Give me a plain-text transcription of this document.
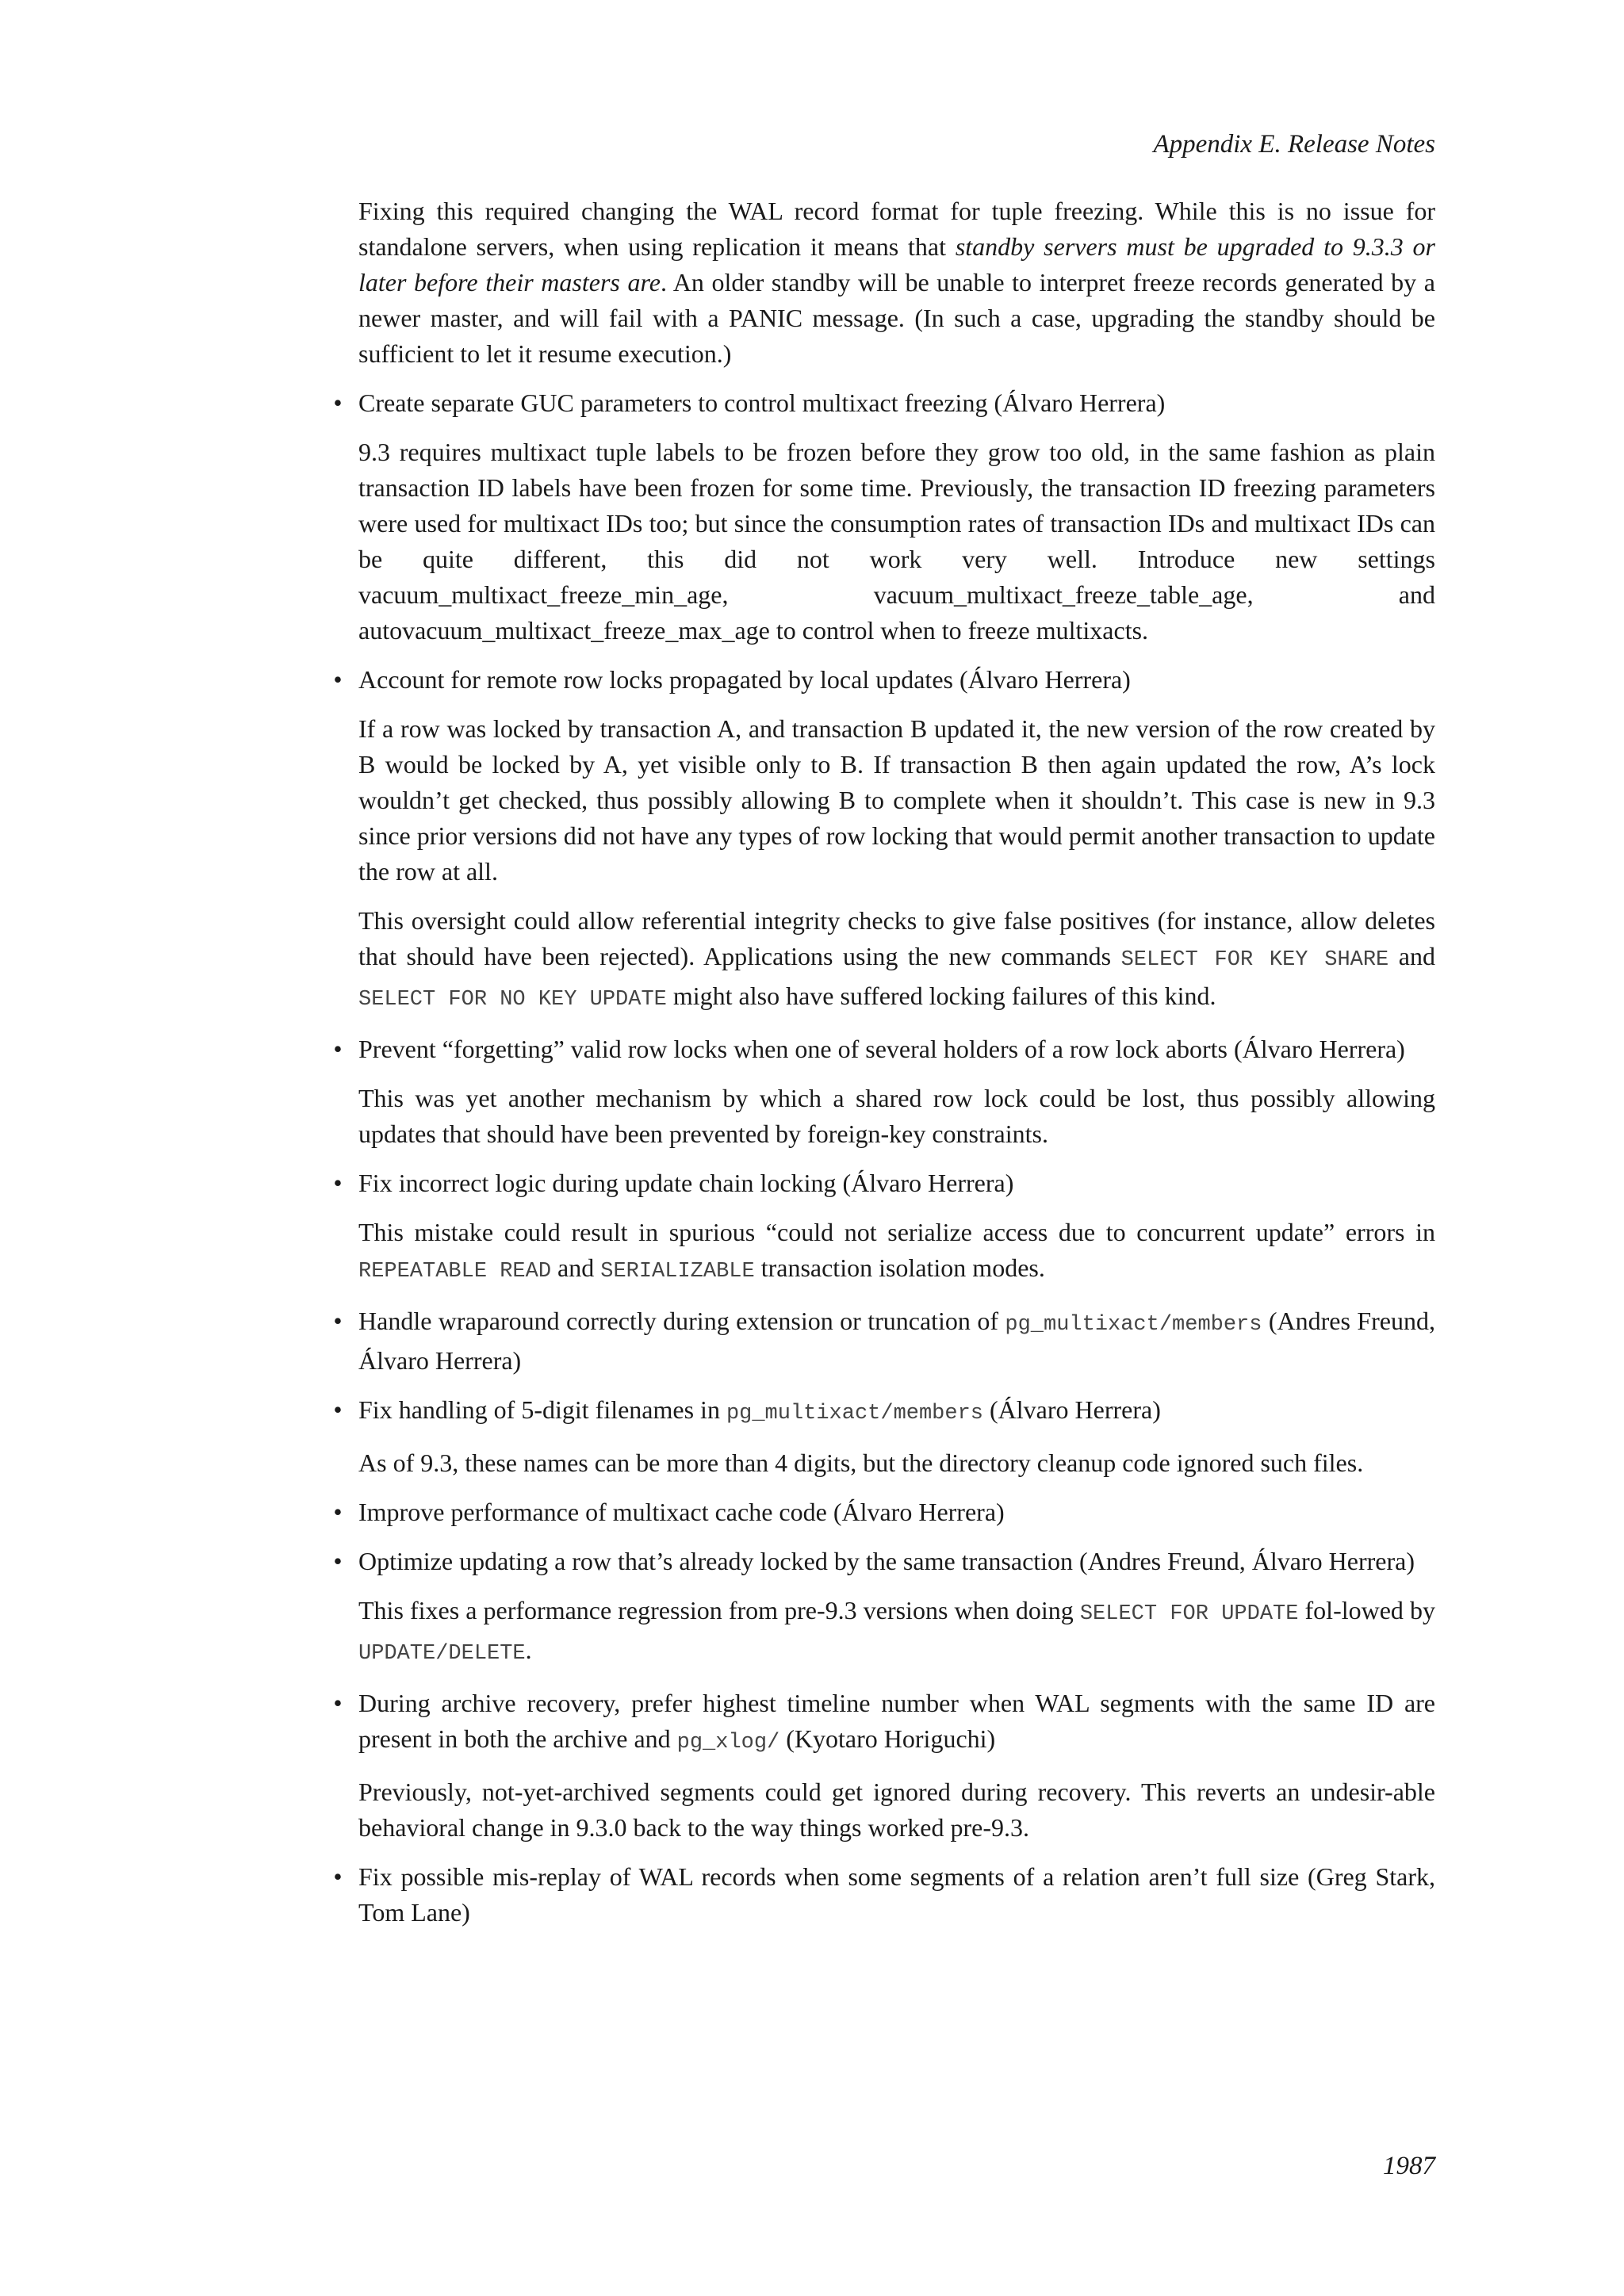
Appendix E. Release Notes

Fixing this required changing the WAL record format for tuple freezing. While this is no issue for standalone servers, when using replication it means that standby servers must be upgraded to 9.3.3 or later before their masters are. An older standby will be unable to interpret freeze records generated by a newer master, and will fail with a PANIC message. (In such a case, upgrading the standby should be sufficient to let it resume execution.)

• Create separate GUC parameters to control multixact freezing (Álvaro Herrera)

9.3 requires multixact tuple labels to be frozen before they grow too old, in the same fashion as plain transaction ID labels have been frozen for some time. Previously, the transaction ID freezing parameters were used for multixact IDs too; but since the consumption rates of transaction IDs and multixact IDs can be quite different, this did not work very well. Introduce new settings vacuum_multixact_freeze_min_age, vacuum_multixact_freeze_table_age, and autovacuum_multixact_freeze_max_age to control when to freeze multixacts.

• Account for remote row locks propagated by local updates (Álvaro Herrera)

If a row was locked by transaction A, and transaction B updated it, the new version of the row created by B would be locked by A, yet visible only to B. If transaction B then again updated the row, A’s lock wouldn’t get checked, thus possibly allowing B to complete when it shouldn’t. This case is new in 9.3 since prior versions did not have any types of row locking that would permit another transaction to update the row at all.

This oversight could allow referential integrity checks to give false positives (for instance, allow deletes that should have been rejected). Applications using the new commands SELECT FOR KEY SHARE and SELECT FOR NO KEY UPDATE might also have suffered locking failures of this kind.

• Prevent “forgetting” valid row locks when one of several holders of a row lock aborts (Álvaro Herrera)

This was yet another mechanism by which a shared row lock could be lost, thus possibly allowing updates that should have been prevented by foreign-key constraints.

• Fix incorrect logic during update chain locking (Álvaro Herrera)

This mistake could result in spurious “could not serialize access due to concurrent update” errors in REPEATABLE READ and SERIALIZABLE transaction isolation modes.

• Handle wraparound correctly during extension or truncation of pg_multixact/members (Andres Freund, Álvaro Herrera)

• Fix handling of 5-digit filenames in pg_multixact/members (Álvaro Herrera)

As of 9.3, these names can be more than 4 digits, but the directory cleanup code ignored such files.

• Improve performance of multixact cache code (Álvaro Herrera)

• Optimize updating a row that’s already locked by the same transaction (Andres Freund, Álvaro Herrera)

This fixes a performance regression from pre-9.3 versions when doing SELECT FOR UPDATE fol-lowed by UPDATE/DELETE.

• During archive recovery, prefer highest timeline number when WAL segments with the same ID are present in both the archive and pg_xlog/ (Kyotaro Horiguchi)

Previously, not-yet-archived segments could get ignored during recovery. This reverts an undesir-able behavioral change in 9.3.0 back to the way things worked pre-9.3.

• Fix possible mis-replay of WAL records when some segments of a relation aren’t full size (Greg Stark, Tom Lane)

1987
